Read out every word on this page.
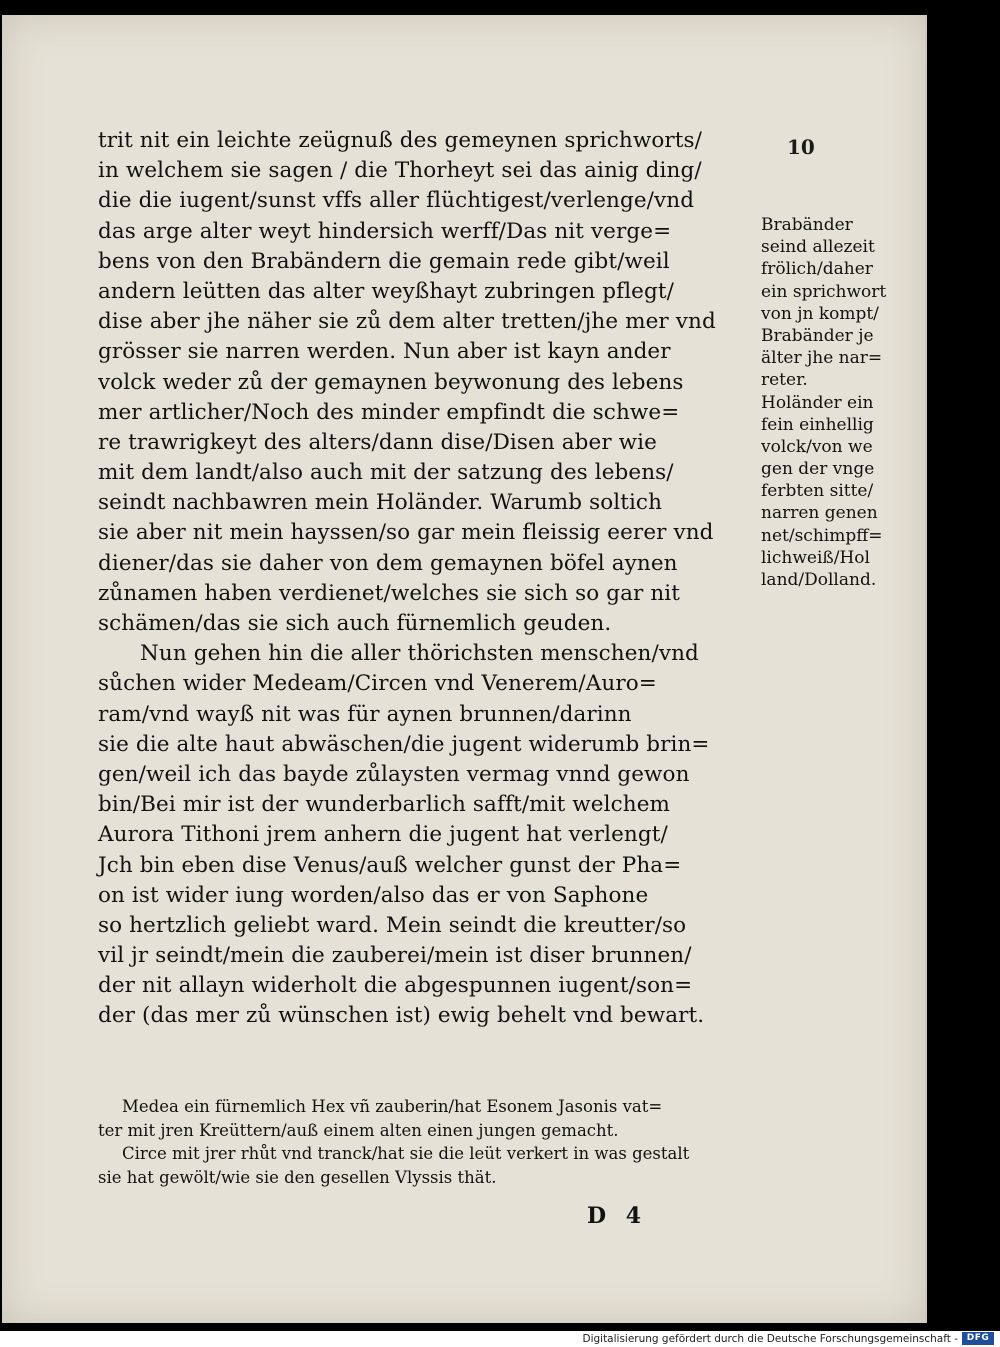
10
trit nit ein leichte zeügnuß des gemeynen sprichworts/
in welchem sie sagen / die Thorheyt sei das ainig ding/
die die iugent/sunst vffs aller flüchtigest/verlenge/vnd
das arge alter weyt hindersich werff/Das nit verge=
bens von den Brabändern die gemain rede gibt/weil
andern leütten das alter weyßhayt zubringen pflegt/
dise aber jhe näher sie zů dem alter tretten/jhe mer vnd
grösser sie narren werden. Nun aber ist kayn ander
volck weder zů der gemaynen beywonung des lebens
mer artlicher/Noch des minder empfindt die schwe=
re trawrigkeyt des alters/dann dise/Disen aber wie
mit dem landt/also auch mit der satzung des lebens/
seindt nachbawren mein Holänder. Warumb soltich
sie aber nit mein hayssen/so gar mein fleissig eerer vnd
diener/das sie daher von dem gemaynen böfel aynen
zůnamen haben verdienet/welches sie sich so gar nit
schämen/das sie sich auch fürnemlich geuden.
Nun gehen hin die aller thörichsten menschen/vnd
sůchen wider Medeam/Circen vnd Venerem/Auro=
ram/vnd wayß nit was für aynen brunnen/darinn
sie die alte haut abwäschen/die jugent widerumb brin=
gen/weil ich das bayde zůlaysten vermag vnnd gewon
bin/Bei mir ist der wunderbarlich safft/mit welchem
Aurora Tithoni jrem anhern die jugent hat verlengt/
Jch bin eben dise Venus/auß welcher gunst der Pha=
on ist wider iung worden/also das er von Saphone
so hertzlich geliebt ward. Mein seindt die kreutter/so
vil jr seindt/mein die zauberei/mein ist diser brunnen/
der nit allayn widerholt die abgespunnen iugent/son=
der (das mer zů wünschen ist) ewig behelt vnd bewart.
Brabänder
seind allezeit
frölich/daher
ein sprichwort
von jn kompt/
Brabänder je
älter jhe nar=
reter.
Holänder ein
fein einhellig
volck/von we
gen der vnge
ferbten sitte/
narren genen
net/schimpff=
lichweiß/Hol
land/Dolland.
Medea ein fürnemlich Hex vñ zauberin/hat Esonem Jasonis vat=
ter mit jren Kreüttern/auß einem alten einen jungen gemacht.
Circe mit jrer rhůt vnd tranck/hat sie die leüt verkert in was gestalt
sie hat gewölt/wie sie den gesellen Vlyssis thät.
D 4
Digitalisierung gefördert durch die Deutsche Forschungsgemeinschaft - DFG
